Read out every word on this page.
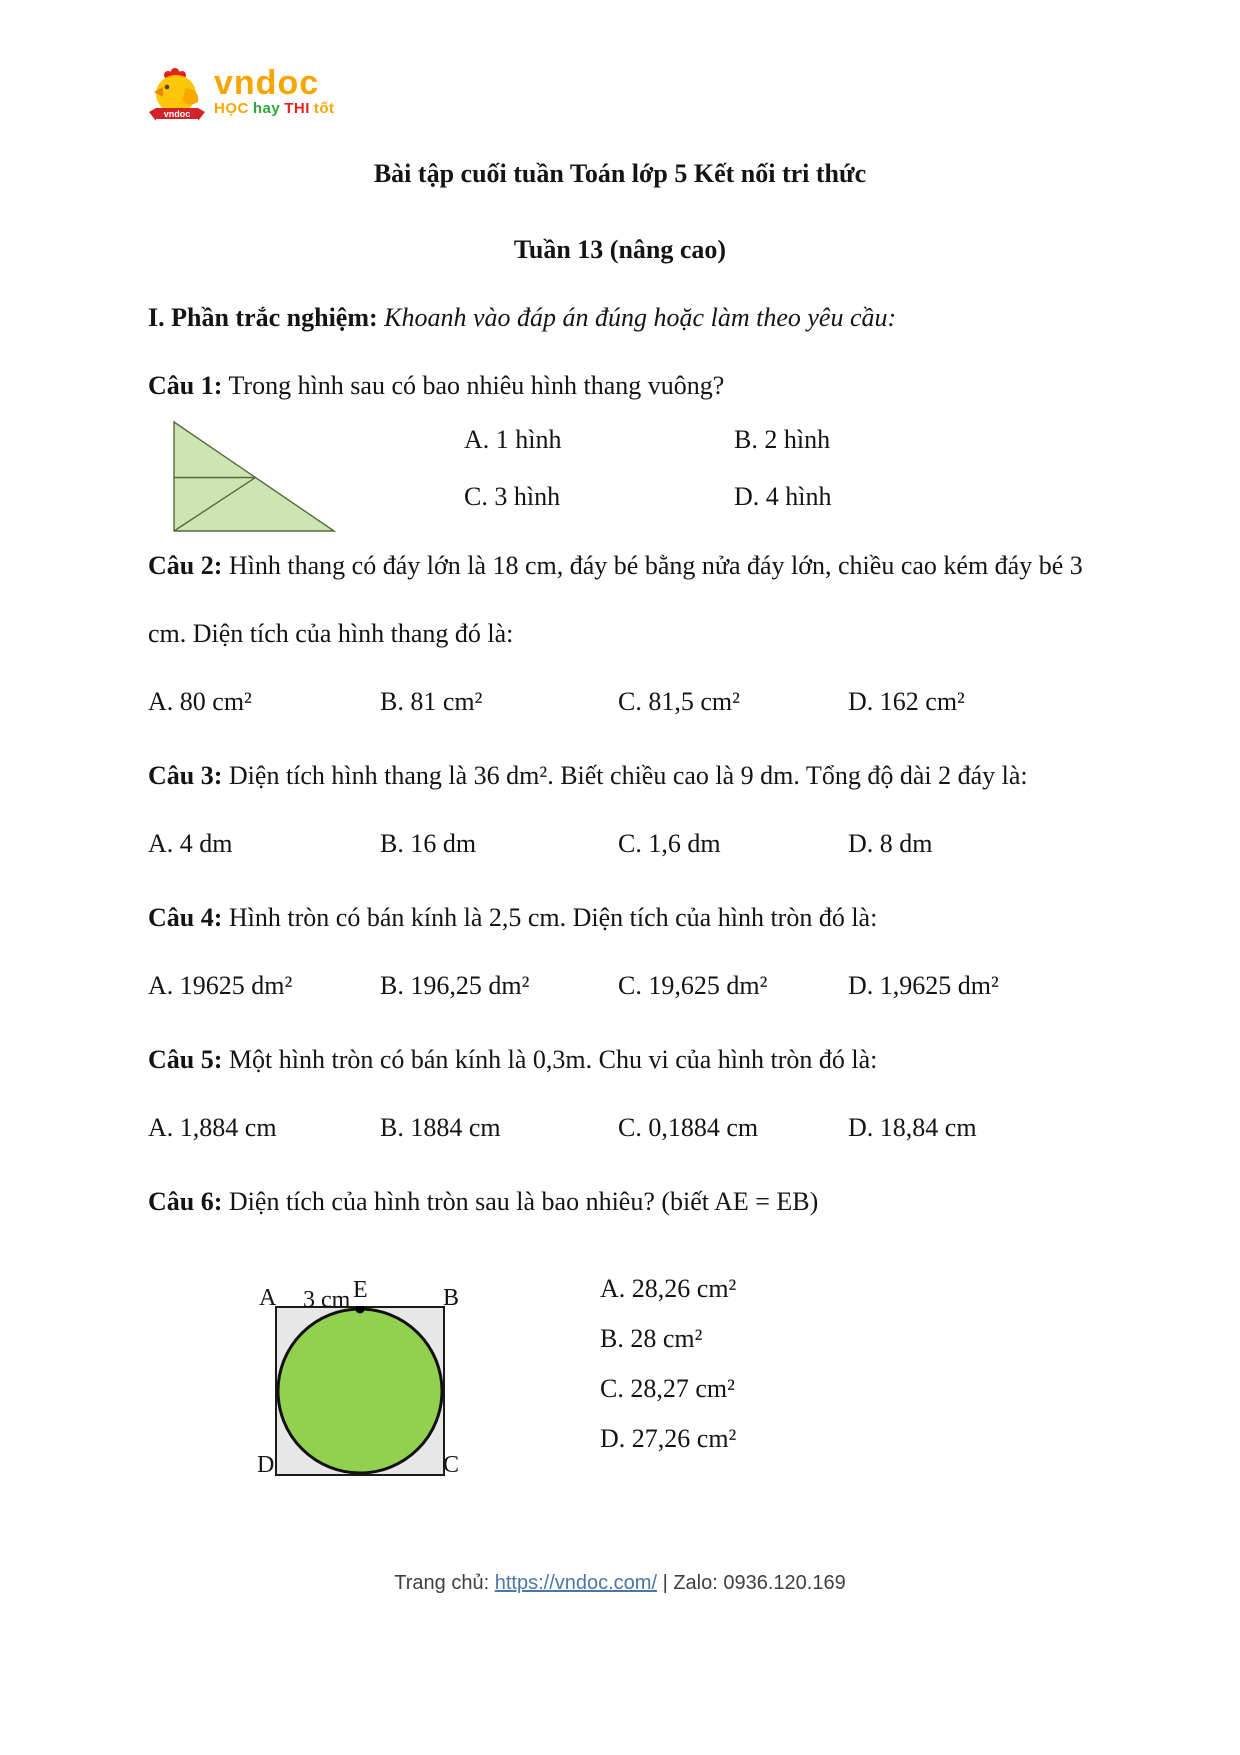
vndoc
vndoc
HỌC hay THI tốt
Bài tập cuối tuần Toán lớp 5 Kết nối tri thức
Tuần 13 (nâng cao)
I. Phần trắc nghiệm: Khoanh vào đáp án đúng hoặc làm theo yêu cầu:

Câu 1: Trong hình sau có bao nhiêu hình thang vuông?

A. 1 hình	B. 2 hình
C. 3 hình	D. 4 hình

Câu 2: Hình thang có đáy lớn là 18 cm, đáy bé bằng nửa đáy lớn, chiều cao kém đáy bé 3 cm. Diện tích của hình thang đó là:

A. 80 cm²	B. 81 cm²	C. 81,5 cm²	D. 162 cm²

Câu 3: Diện tích hình thang là 36 dm². Biết chiều cao là 9 dm. Tổng độ dài 2 đáy là:

A. 4 dm	B. 16 dm	C. 1,6 dm	D. 8 dm

Câu 4: Hình tròn có bán kính là 2,5 cm. Diện tích của hình tròn đó là:

A. 19625 dm²	B. 196,25 dm²	C. 19,625 dm²	D. 1,9625 dm²

Câu 5: Một hình tròn có bán kính là 0,3m. Chu vi của hình tròn đó là:

A. 1,884 cm	B. 1884 cm	C. 0,1884 cm	D. 18,84 cm

Câu 6: Diện tích của hình tròn sau là bao nhiêu? (biết AE = EB)

A 3 cm E	B
D	C
A. 28,26 cm²
B. 28 cm²
C. 28,27 cm²
D. 27,26 cm²
Trang chủ: https://vndoc.com/ | Zalo: 0936.120.169
